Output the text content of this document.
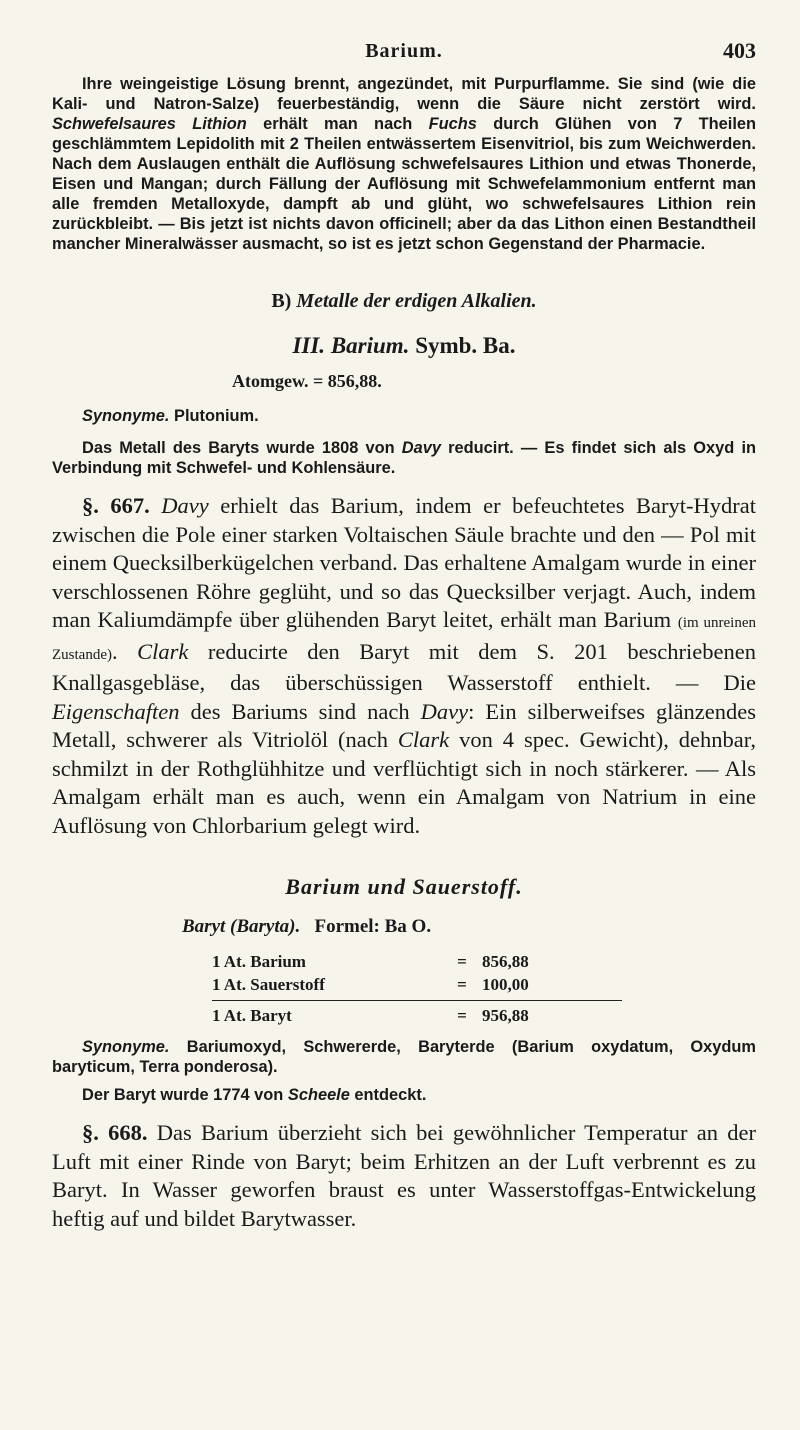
Barium.	403

Ihre weingeistige Lösung brennt, angezündet, mit Purpurflamme. Sie sind (wie die Kali- und Natron-Salze) feuerbeständig, wenn die Säure nicht zerstört wird. Schwefelsaures Lithion erhält man nach Fuchs durch Glühen von 7 Theilen geschlämmtem Lepidolith mit 2 Theilen entwässertem Eisenvitriol, bis zum Weichwerden. Nach dem Auslaugen enthält die Auflösung schwefelsaures Lithion und etwas Thonerde, Eisen und Mangan; durch Fällung der Auflösung mit Schwefelammonium entfernt man alle fremden Metalloxyde, dampft ab und glüht, wo schwefelsaures Lithion rein zurückbleibt. — Bis jetzt ist nichts davon officinell; aber da das Lithon einen Bestandtheil mancher Mineralwässer ausmacht, so ist es jetzt schon Gegenstand der Pharmacie.

B) Metalle der erdigen Alkalien.
III. Barium. Symb. Ba.
Atomgew. = 856,88.

Synonyme. Plutonium.

Das Metall des Baryts wurde 1808 von Davy reducirt. — Es findet sich als Oxyd in Verbindung mit Schwefel- und Kohlensäure.

§. 667. Davy erhielt das Barium, indem er befeuchtetes Baryt-Hydrat zwischen die Pole einer starken Voltaischen Säule brachte und den — Pol mit einem Quecksilberkügelchen verband. Das erhaltene Amalgam wurde in einer verschlossenen Röhre geglüht, und so das Quecksilber verjagt. Auch, indem man Kaliumdämpfe über glühenden Baryt leitet, erhält man Barium (im unreinen Zustande). Clark reducirte den Baryt mit dem S. 201 beschriebenen Knallgasgebläse, das überschüssigen Wasserstoff enthielt. — Die Eigenschaften des Bariums sind nach Davy: Ein silberweifses glänzendes Metall, schwerer als Vitriolöl (nach Clark von 4 spec. Gewicht), dehnbar, schmilzt in der Rothglühhitze und verflüchtigt sich in noch stärkerer. — Als Amalgam erhält man es auch, wenn ein Amalgam von Natrium in eine Auflösung von Chlorbarium gelegt wird.

Barium und Sauerstoff.
Baryt (Baryta). Formel: Ba O.
1 At. Barium	= 856,88
1 At. Sauerstoff	= 100,00
1 At. Baryt	= 956,88

Synonyme. Bariumoxyd, Schwererde, Baryterde (Barium oxydatum, Oxydum baryticum, Terra ponderosa).

Der Baryt wurde 1774 von Scheele entdeckt.

§. 668. Das Barium überzieht sich bei gewöhnlicher Temperatur an der Luft mit einer Rinde von Baryt; beim Erhitzen an der Luft verbrennt es zu Baryt. In Wasser geworfen braust es unter Wasserstoffgas-Entwickelung heftig auf und bildet Barytwasser.
